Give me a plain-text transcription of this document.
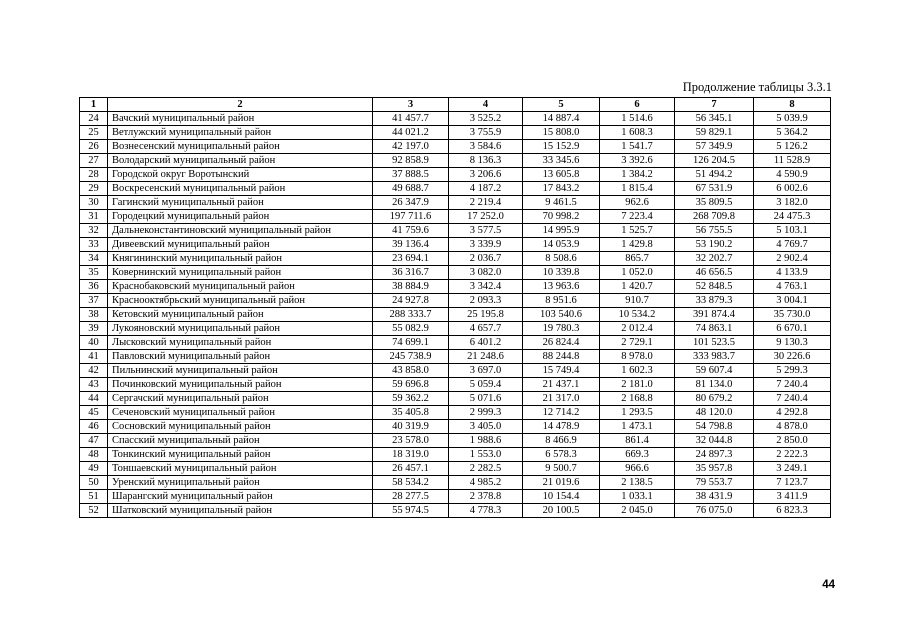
Продолжение таблицы 3.3.1
1	2	3	4	5	6	7	8
24	Вачский муниципальный район	41 457.7	3 525.2	14 887.4	1 514.6	56 345.1	5 039.9
25	Ветлужский муниципальный район	44 021.2	3 755.9	15 808.0	1 608.3	59 829.1	5 364.2
26	Вознесенский муниципальный район	42 197.0	3 584.6	15 152.9	1 541.7	57 349.9	5 126.2
27	Володарский муниципальный район	92 858.9	8 136.3	33 345.6	3 392.6	126 204.5	11 528.9
28	Городской округ Воротынский	37 888.5	3 206.6	13 605.8	1 384.2	51 494.2	4 590.9
29	Воскресенский муниципальный район	49 688.7	4 187.2	17 843.2	1 815.4	67 531.9	6 002.6
30	Гагинский муниципальный район	26 347.9	2 219.4	9 461.5	962.6	35 809.5	3 182.0
31	Городецкий муниципальный район	197 711.6	17 252.0	70 998.2	7 223.4	268 709.8	24 475.3
32	Дальнеконстантиновский муниципальный район	41 759.6	3 577.5	14 995.9	1 525.7	56 755.5	5 103.1
33	Дивеевский муниципальный район	39 136.4	3 339.9	14 053.9	1 429.8	53 190.2	4 769.7
34	Княгининский муниципальный район	23 694.1	2 036.7	8 508.6	865.7	32 202.7	2 902.4
35	Ковернинский муниципальный район	36 316.7	3 082.0	10 339.8	1 052.0	46 656.5	4 133.9
36	Краснобаковский муниципальный район	38 884.9	3 342.4	13 963.6	1 420.7	52 848.5	4 763.1
37	Краснооктябрьский муниципальный район	24 927.8	2 093.3	8 951.6	910.7	33 879.3	3 004.1
38	Кетовский муниципальный район	288 333.7	25 195.8	103 540.6	10 534.2	391 874.4	35 730.0
39	Лукояновский муниципальный район	55 082.9	4 657.7	19 780.3	2 012.4	74 863.1	6 670.1
40	Лысковский муниципальный район	74 699.1	6 401.2	26 824.4	2 729.1	101 523.5	9 130.3
41	Павловский муниципальный район	245 738.9	21 248.6	88 244.8	8 978.0	333 983.7	30 226.6
42	Пильнинский муниципальный район	43 858.0	3 697.0	15 749.4	1 602.3	59 607.4	5 299.3
43	Починковский муниципальный район	59 696.8	5 059.4	21 437.1	2 181.0	81 134.0	7 240.4
44	Сергачский муниципальный район	59 362.2	5 071.6	21 317.0	2 168.8	80 679.2	7 240.4
45	Сеченовский муниципальный район	35 405.8	2 999.3	12 714.2	1 293.5	48 120.0	4 292.8
46	Сосновский муниципальный район	40 319.9	3 405.0	14 478.9	1 473.1	54 798.8	4 878.0
47	Спасский муниципальный район	23 578.0	1 988.6	8 466.9	861.4	32 044.8	2 850.0
48	Тонкинский муниципальный район	18 319.0	1 553.0	6 578.3	669.3	24 897.3	2 222.3
49	Тоншаевский муниципальный район	26 457.1	2 282.5	9 500.7	966.6	35 957.8	3 249.1
50	Уренский муниципальный район	58 534.2	4 985.2	21 019.6	2 138.5	79 553.7	7 123.7
51	Шарангский муниципальный район	28 277.5	2 378.8	10 154.4	1 033.1	38 431.9	3 411.9
52	Шатковский муниципальный район	55 974.5	4 778.3	20 100.5	2 045.0	76 075.0	6 823.3
44
